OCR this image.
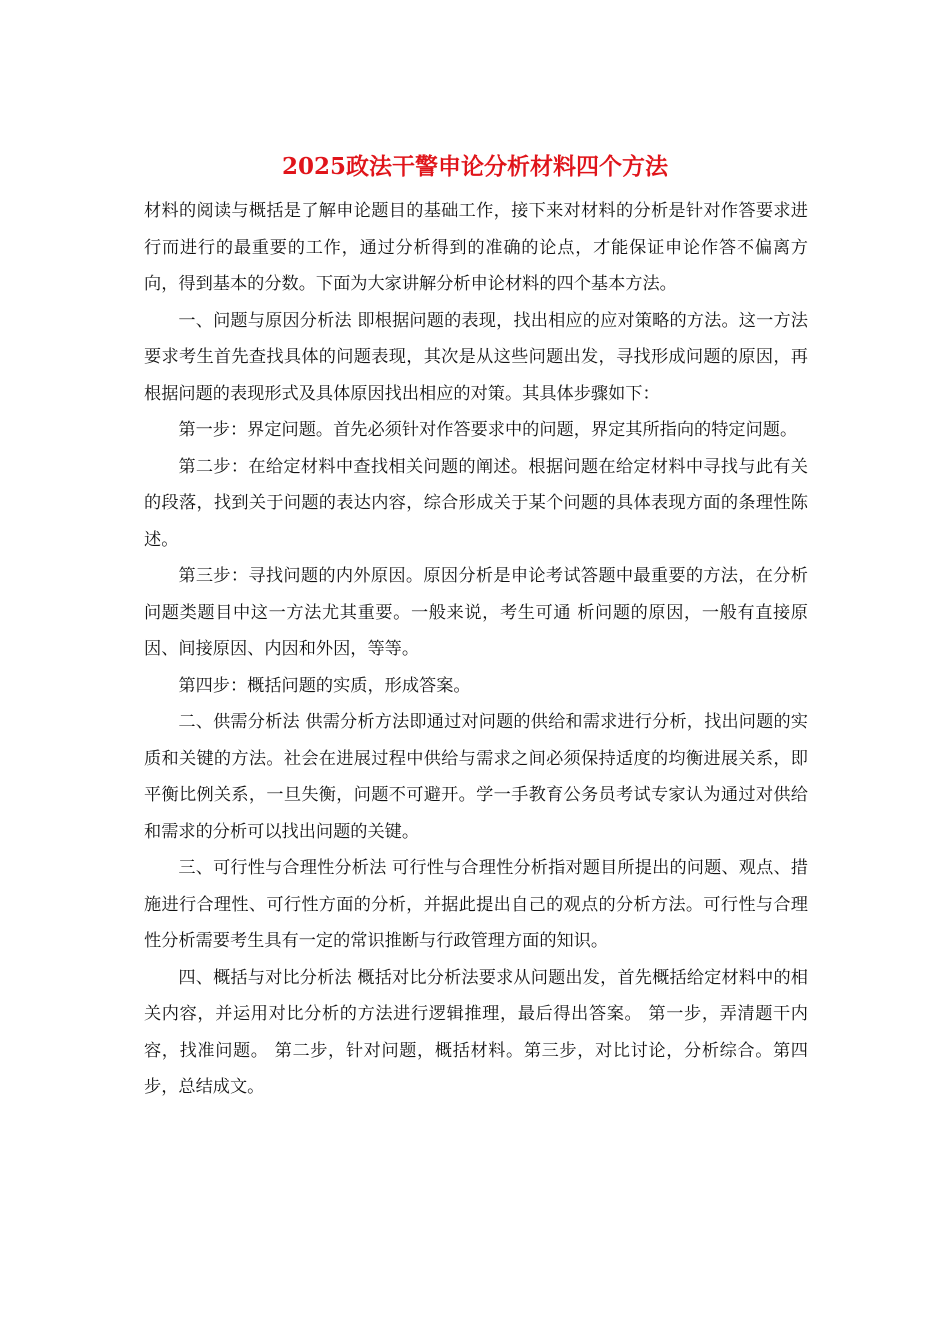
2025政法干警申论分析材料四个方法

材料的阅读与概括是了解申论题目的基础工作，接下来对材料的分析是针对作答要求进行而进行的最重要的工作，通过分析得到的准确的论点，才能保证申论作答不偏离方向，得到基本的分数。下面为大家讲解分析申论材料的四个基本方法。

一、问题与原因分析法 即根据问题的表现，找出相应的应对策略的方法。这一方法要求考生首先查找具体的问题表现，其次是从这些问题出发，寻找形成问题的原因，再根据问题的表现形式及具体原因找出相应的对策。其具体步骤如下：

第一步：界定问题。首先必须针对作答要求中的问题，界定其所指向的特定问题。

第二步：在给定材料中查找相关问题的阐述。根据问题在给定材料中寻找与此有关的段落，找到关于问题的表达内容，综合形成关于某个问题的具体表现方面的条理性陈述。

第三步：寻找问题的内外原因。原因分析是申论考试答题中最重要的方法，在分析问题类题目中这一方法尤其重要。一般来说，考生可通 析问题的原因，一般有直接原因、间接原因、内因和外因，等等。

第四步：概括问题的实质，形成答案。

二、供需分析法 供需分析方法即通过对问题的供给和需求进行分析，找出问题的实质和关键的方法。社会在进展过程中供给与需求之间必须保持适度的均衡进展关系，即平衡比例关系，一旦失衡，问题不可避开。学一手教育公务员考试专家认为通过对供给和需求的分析可以找出问题的关键。

三、可行性与合理性分析法 可行性与合理性分析指对题目所提出的问题、观点、措施进行合理性、可行性方面的分析，并据此提出自己的观点的分析方法。可行性与合理性分析需要考生具有一定的常识推断与行政管理方面的知识。

四、概括与对比分析法 概括对比分析法要求从问题出发，首先概括给定材料中的相关内容，并运用对比分析的方法进行逻辑推理，最后得出答案。 第一步，弄清题干内容，找准问题。 第二步，针对问题，概括材料。第三步，对比讨论，分析综合。第四步，总结成文。
